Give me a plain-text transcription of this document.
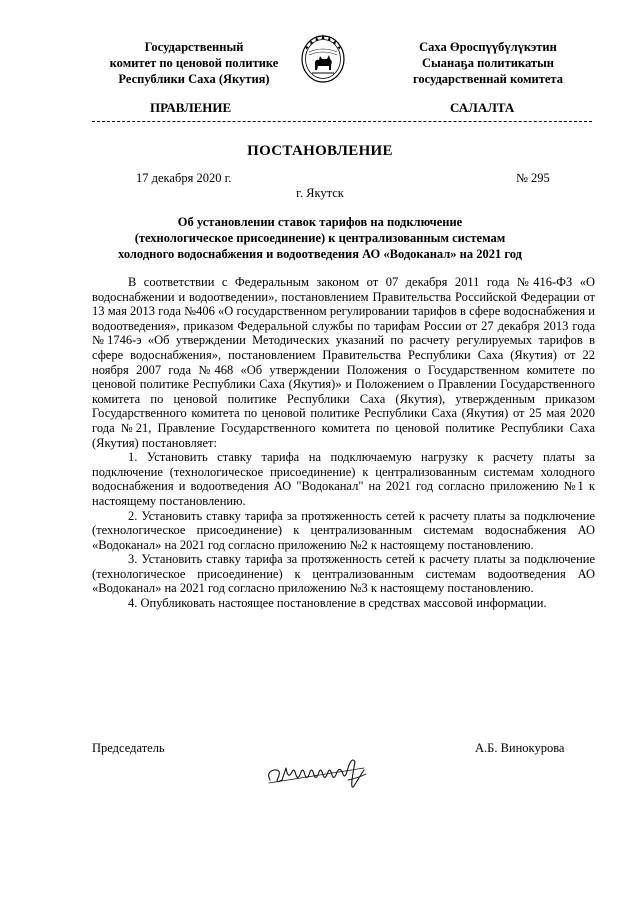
Государственный
комитет по ценовой политике
Республики Саха (Якутия)
Саха Өроспүүбүлүкэтин
Сыанаҕа политикатын
государственнай комитета
ПРАВЛЕНИЕ	САЛАЛТА
ПОСТАНОВЛЕНИЕ
17 декабря 2020 г.	№ 295
г. Якутск
Об установлении ставок тарифов на подключение
(технологическое присоединение) к централизованным системам
холодного водоснабжения и водоотведения АО «Водоканал» на 2021 год

В соответствии с Федеральным законом от 07 декабря 2011 года №416-ФЗ «О водоснабжении и водоотведении», постановлением Правительства Российской Федерации от 13 мая 2013 года №406 «О государственном регулировании тарифов в сфере водоснабжения и водоотведения», приказом Федеральной службы по тарифам России от 27 декабря 2013 года №1746-э «Об утверждении Методических указаний по расчету регулируемых тарифов в сфере водоснабжения», постановлением Правительства Республики Саха (Якутия) от 22 ноября 2007 года №468 «Об утверждении Положения о Государственном комитете по ценовой политике Республики Саха (Якутия)» и Положением о Правлении Государственного комитета по ценовой политике Республики Саха (Якутия), утвержденным приказом Государственного комитета по ценовой политике Республики Саха (Якутия) от 25 мая 2020 года №21, Правление Государственного комитета по ценовой политике Республики Саха (Якутия) постановляет:

1. Установить ставку тарифа на подключаемую нагрузку к расчету платы за подключение (технологическое присоединение) к централизованным системам холодного водоснабжения и водоотведения АО "Водоканал" на 2021 год согласно приложению №1 к настоящему постановлению.

2. Установить ставку тарифа за протяженность сетей к расчету платы за подключение (технологическое присоединение) к централизованным системам водоснабжения АО «Водоканал» на 2021 год согласно приложению №2 к настоящему постановлению.

3. Установить ставку тарифа за протяженность сетей к расчету платы за подключение (технологическое присоединение) к централизованным системам водоотведения АО «Водоканал» на 2021 год согласно приложению №3 к настоящему постановлению.

4. Опубликовать настоящее постановление в средствах массовой информации.

Председатель	А.Б. Винокурова
